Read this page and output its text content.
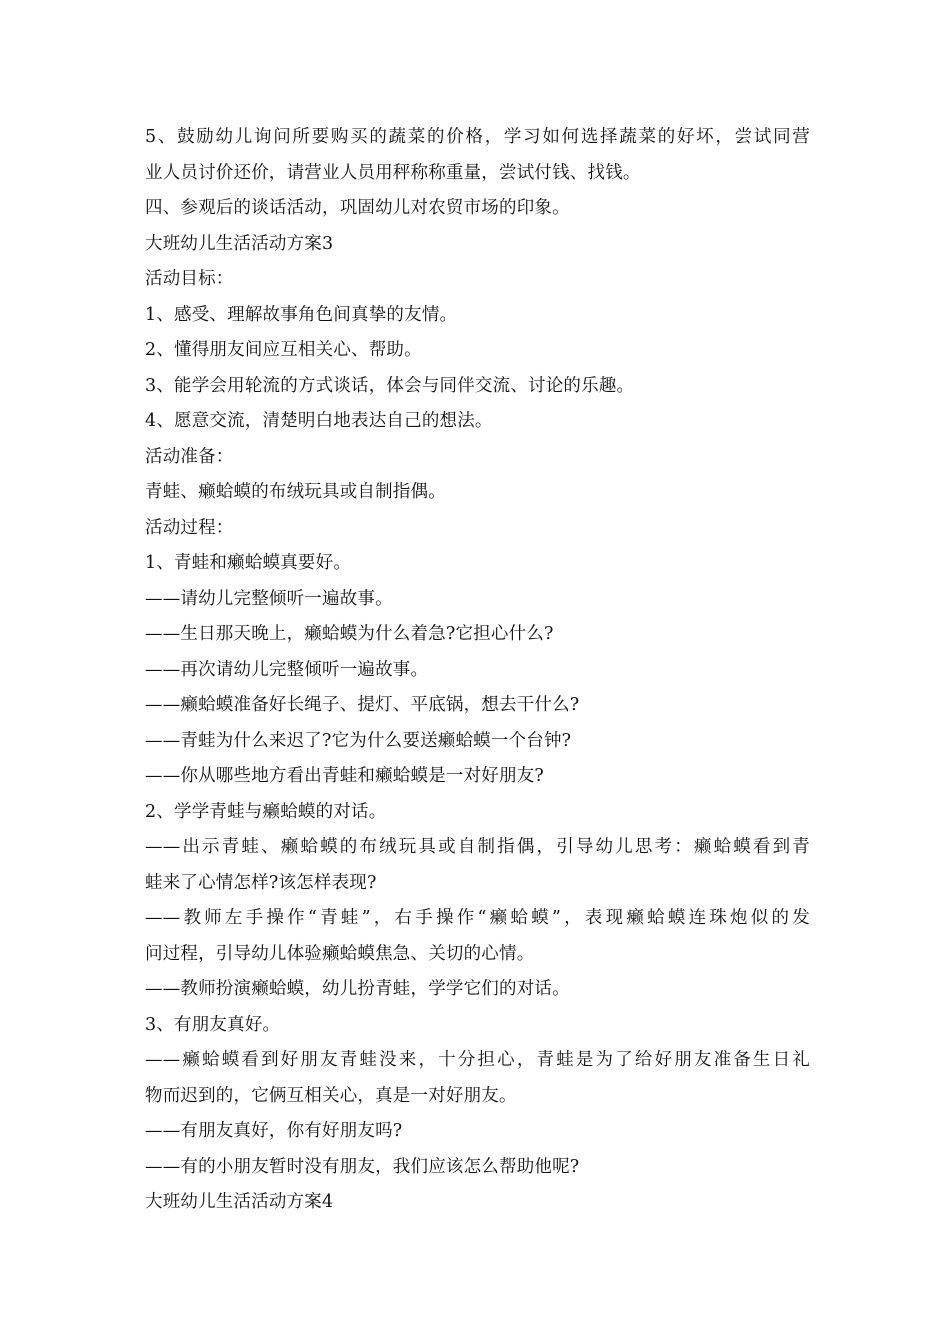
5、鼓励幼儿询问所要购买的蔬菜的价格，学习如何选择蔬菜的好坏，尝试同营
业人员讨价还价，请营业人员用秤称称重量，尝试付钱、找钱。
四、参观后的谈话活动，巩固幼儿对农贸市场的印象。
大班幼儿生活活动方案3
活动目标：
1、感受、理解故事角色间真挚的友情。
2、懂得朋友间应互相关心、帮助。
3、能学会用轮流的方式谈话，体会与同伴交流、讨论的乐趣。
4、愿意交流，清楚明白地表达自己的想法。
活动准备：
青蛙、癞蛤蟆的布绒玩具或自制指偶。
活动过程：
1、青蛙和癞蛤蟆真要好。
——请幼儿完整倾听一遍故事。
——生日那天晚上，癞蛤蟆为什么着急?它担心什么?
——再次请幼儿完整倾听一遍故事。
——癞蛤蟆准备好长绳子、提灯、平底锅，想去干什么?
——青蛙为什么来迟了?它为什么要送癞蛤蟆一个台钟?
——你从哪些地方看出青蛙和癞蛤蟆是一对好朋友?
2、学学青蛙与癞蛤蟆的对话。
——出示青蛙、癞蛤蟆的布绒玩具或自制指偶，引导幼儿思考：癞蛤蟆看到青
蛙来了心情怎样?该怎样表现?
——教师左手操作“青蛙”，右手操作“癞蛤蟆”，表现癞蛤蟆连珠炮似的发
问过程，引导幼儿体验癞蛤蟆焦急、关切的心情。
——教师扮演癞蛤蟆，幼儿扮青蛙，学学它们的对话。
3、有朋友真好。
——癞蛤蟆看到好朋友青蛙没来，十分担心，青蛙是为了给好朋友准备生日礼
物而迟到的，它俩互相关心，真是一对好朋友。
——有朋友真好，你有好朋友吗?
——有的小朋友暂时没有朋友，我们应该怎么帮助他呢?
大班幼儿生活活动方案4
